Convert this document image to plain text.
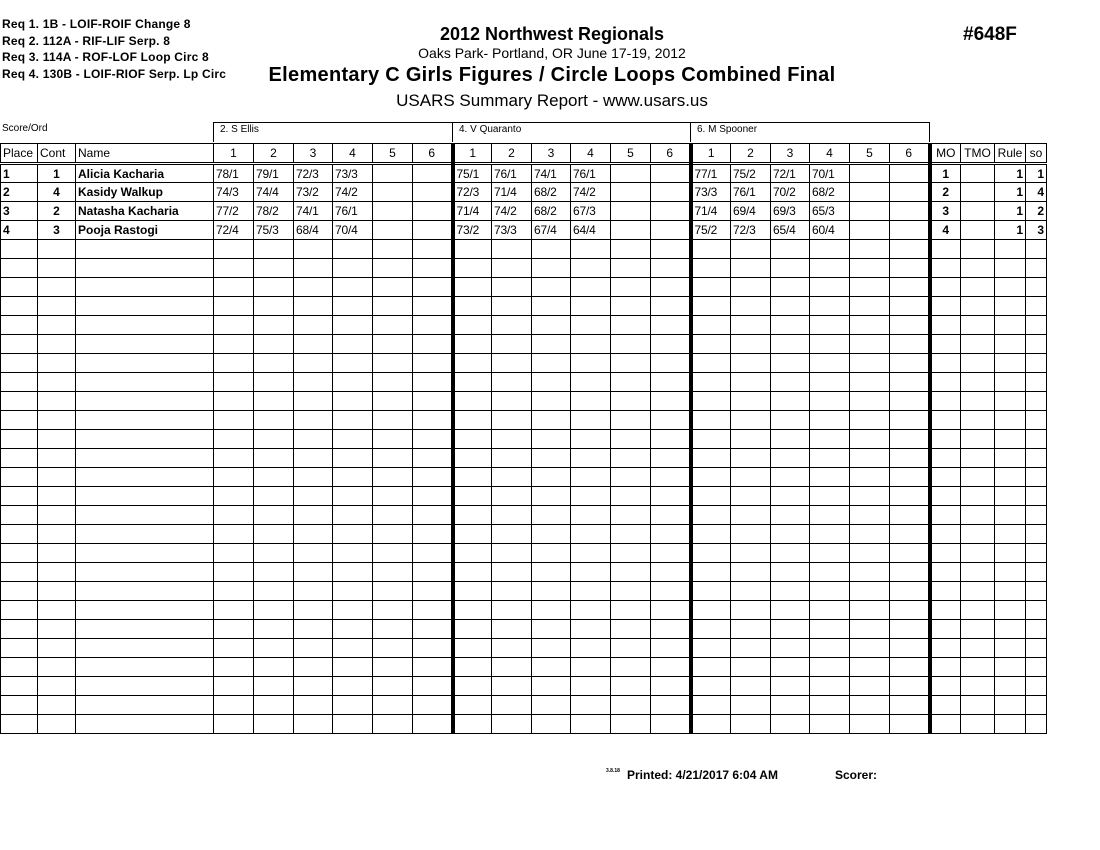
Req 1. 1B - LOIF-ROIF Change 8
Req 2. 112A - RIF-LIF Serp. 8
Req 3. 114A - ROF-LOF Loop Circ 8
Req 4. 130B - LOIF-RIOF Serp. Lp Circ
2012 Northwest Regionals
Oaks Park- Portland, OR June 17-19, 2012
Elementary C Girls Figures / Circle Loops Combined Final
USARS Summary Report - www.usars.us
#648F
Score/Ord	2. S Ellis	4. V Quaranto	6. M Spooner
Place	Cont	Name	1	2	3	4	5	6	1	2	3	4	5	6	1	2	3	4	5	6	MO	TMO	Rule	so
1	1	Alicia Kacharia	78/1	79/1	72/3	73/3			75/1	76/1	74/1	76/1			77/1	75/2	72/1	70/1			1		1	1
2	4	Kasidy Walkup	74/3	74/4	73/2	74/2			72/3	71/4	68/2	74/2			73/3	76/1	70/2	68/2			2		1	4
3	2	Natasha Kacharia	77/2	78/2	74/1	76/1			71/4	74/2	68/2	67/3			71/4	69/4	69/3	65/3			3		1	2
4	3	Pooja Rastogi	72/4	75/3	68/4	70/4			73/2	73/3	67/4	64/4			75/2	72/3	65/4	60/4			4		1	3

3.8.18 Printed: 4/21/2017 6:04 AM	Scorer:
